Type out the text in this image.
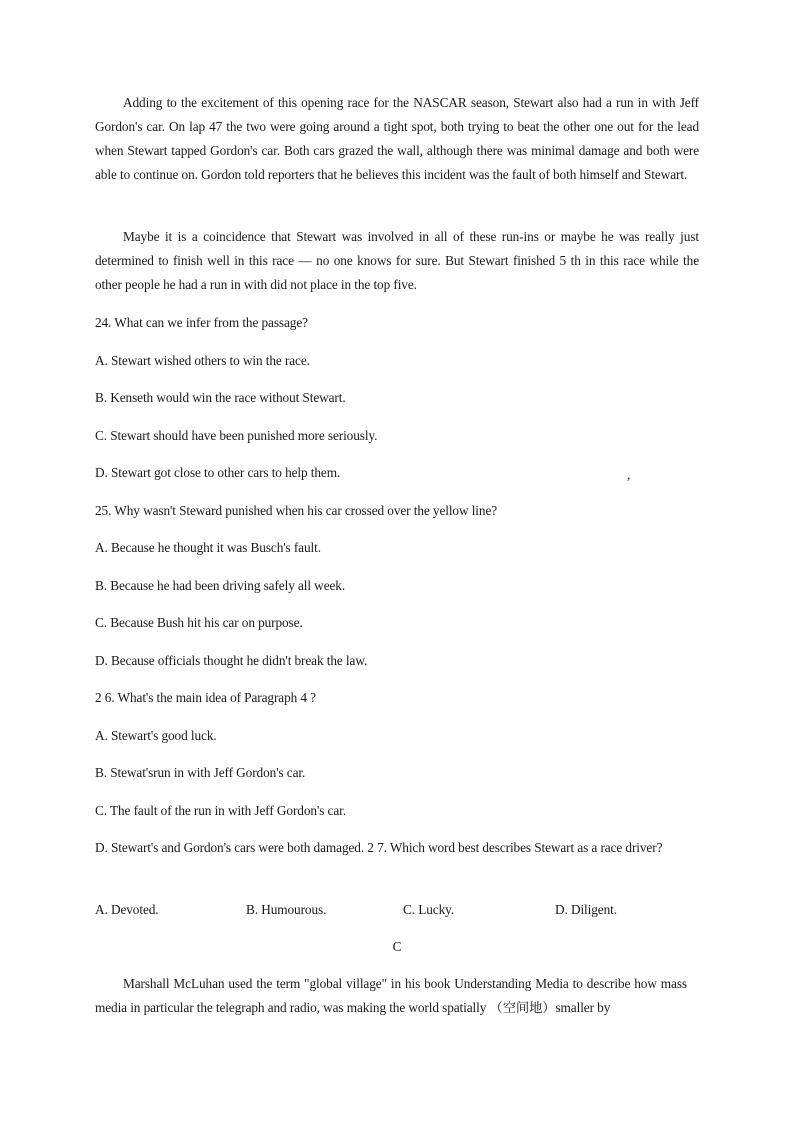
Adding to the excitement of this opening race for the NASCAR season, Stewart also had a run in with Jeff Gordon's car. On lap 47 the two were going around a tight spot, both trying to beat the other one out for the lead when Stewart tapped Gordon's car. Both cars grazed the wall, although there was minimal damage and both were able to continue on. Gordon told reporters that he believes this incident was the fault of both himself and Stewart.

Maybe it is a coincidence that Stewart was involved in all of these run-ins or maybe he was really just determined to finish well in this race — no one knows for sure. But Stewart finished 5 th in this race while the other people he had a run in with did not place in the top five.

24. What can we infer from the passage?
A. Stewart wished others to win the race.
B. Kenseth would win the race without Stewart.
C. Stewart should have been punished more seriously.
D. Stewart got close to other cars to help them.	,
25. Why wasn't Steward punished when his car crossed over the yellow line?
A. Because he thought it was Busch's fault.
B. Because he had been driving safely all week.
C. Because Bush hit his car on purpose.
D. Because officials thought he didn't break the law.
2 6. What's the main idea of Paragraph 4 ?
A. Stewart's good luck.
B. Stewat'srun in with Jeff Gordon's car.
C. The fault of the run in with Jeff Gordon's car.
D. Stewart's and Gordon's cars were both damaged. 2 7. Which word best describes Stewart as a race driver?
A. Devoted.	B. Humourous.	C. Lucky.	D. Diligent.
C

Marshall McLuhan used the term "global village" in his book Understanding Media to describe how mass media in particular the telegraph and radio, was making the world spatially （空间地）smaller by
